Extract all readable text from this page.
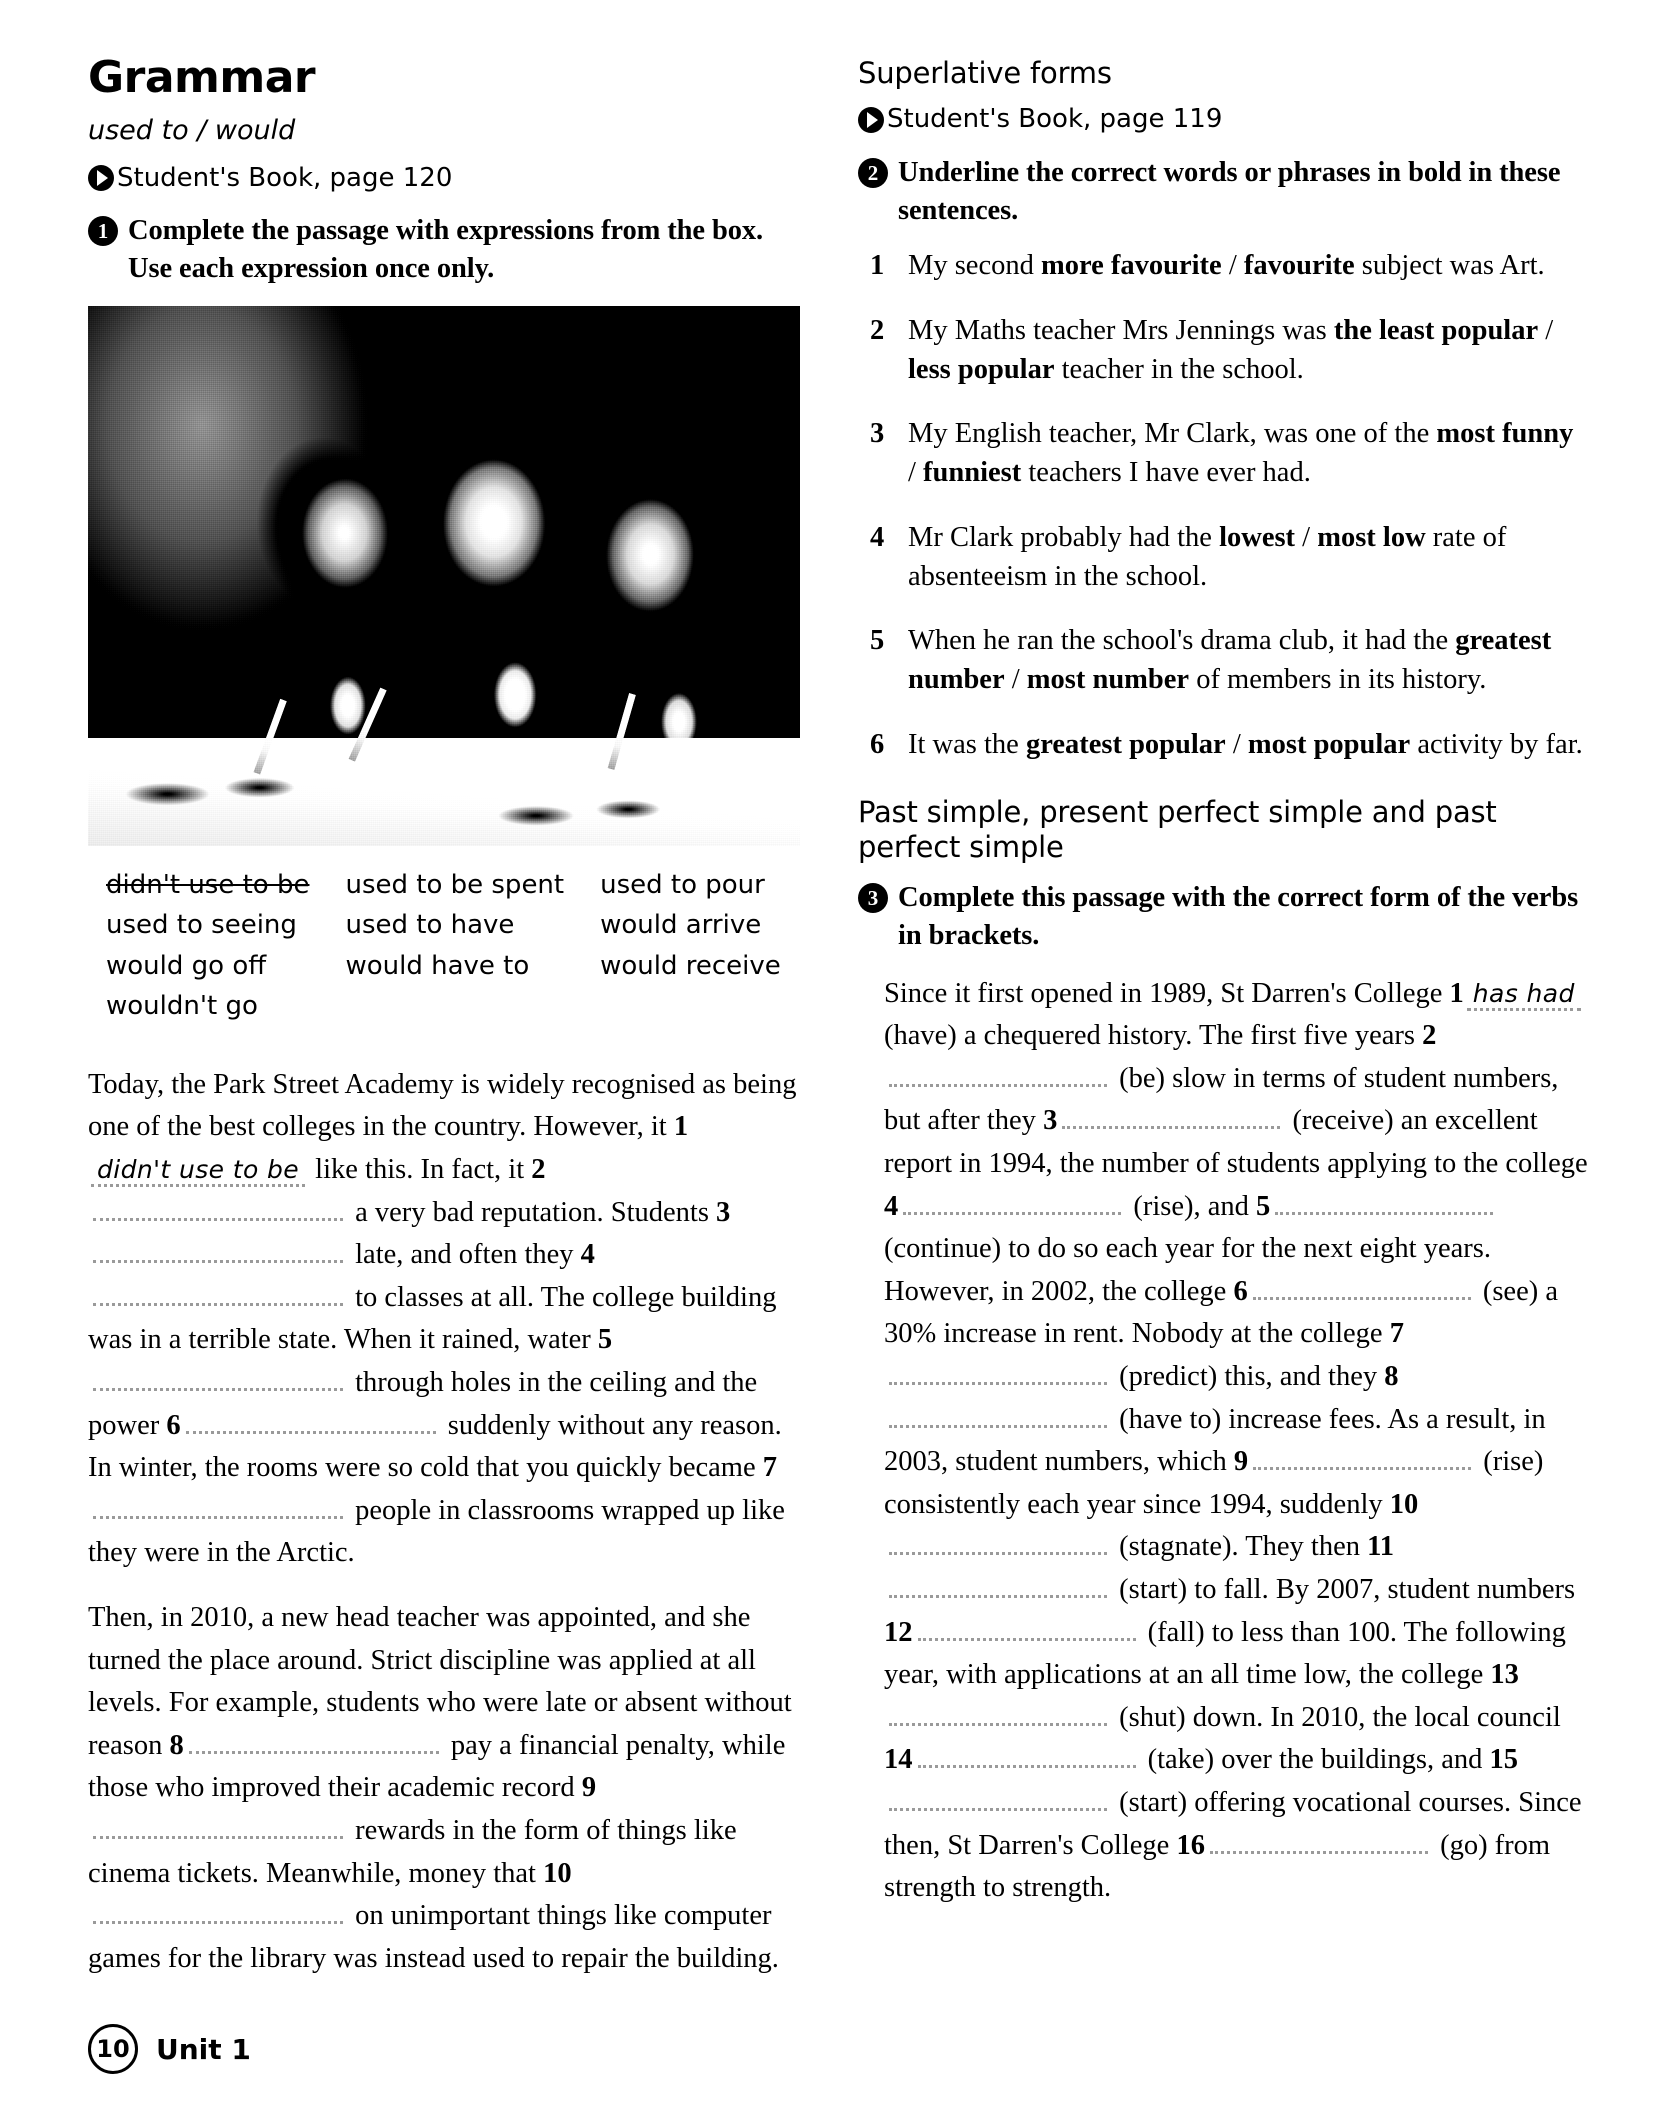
Grammar
used to / would
Student's Book, page 120
1 Complete the passage with expressions from the box. Use each expression once only.
didn't use to be	used to be spent	used to pour
used to seeing	used to have	would arrive
would go off	would have to	would receive
wouldn't go		

Today, the Park Street Academy is widely recognised as being one of the best colleges in the country. However, it 1didn't use to be like this. In fact, it 2 a very bad reputation. Students 3 late, and often they 4 to classes at all. The college building was in a terrible state. When it rained, water 5 through holes in the ceiling and the power 6	suddenly without any reason. In winter, the rooms were so cold that you quickly became 7 people in classrooms wrapped up like they were in the Arctic.

Then, in 2010, a new head teacher was appointed, and she turned the place around. Strict discipline was applied at all levels. For example, students who were late or absent without reason 8	pay a financial penalty, while those who improved their academic record 9 rewards in the form of things like cinema tickets. Meanwhile, money that 10 on unimportant things like computer games for the library was instead used to repair the building.

Superlative forms
Student's Book, page 119
2 Underline the correct words or phrases in bold in these sentences.
1 My second more favourite / favourite subject was Art.
2 My Maths teacher Mrs Jennings was the least popular / less popular teacher in the school.
3 My English teacher, Mr Clark, was one of the most funny / funniest teachers I have ever had.
4 Mr Clark probably had the lowest / most low rate of absenteeism in the school.
5 When he ran the school's drama club, it had the greatest number / most number of members in its history.
6 It was the greatest popular / most popular activity by far.
Past simple, present perfect simple and past perfect simple
3 Complete this passage with the correct form of the verbs in brackets.

Since it first opened in 1989, St Darren's College 1 has had (have) a chequered history. The first five years 2 (be) slow in terms of student numbers, but after they 3	(receive) an excellent report in 1994, the number of students applying to the college 4	(rise), and 5 (continue) to do so each year for the next eight years. However, in 2002, the college 6	(see) a 30% increase in rent. Nobody at the college 7 (predict) this, and they 8 (have to) increase fees. As a result, in 2003, student numbers, which 9	(rise) consistently each year since 1994, suddenly 10 (stagnate). They then 11 (start) to fall. By 2007, student numbers 12	(fall) to less than 100. The following year, with applications at an all time low, the college 13 (shut) down. In 2010, the local council 14	(take) over the buildings, and 15 (start) offering vocational courses. Since then, St Darren's College 16	(go) from strength to strength.

10 Unit 1
